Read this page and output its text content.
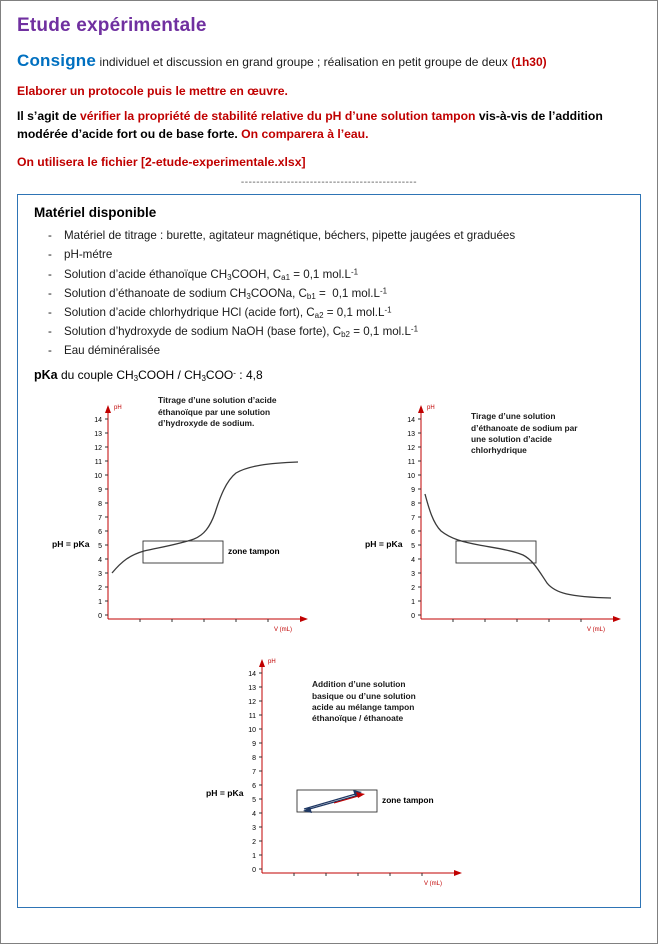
Etude expérimentale
Consigne individuel et discussion en grand groupe ; réalisation en petit groupe de deux (1h30)
Elaborer un protocole puis le mettre en œuvre.
Il s’agit de vérifier la propriété de stabilité relative du pH d’une solution tampon vis-à-vis de l’addition modérée d’acide fort ou de base forte. On comparera à l’eau.
On utilisera le fichier [2-etude-experimentale.xlsx]
----------------------------------------------
Matériel disponible
- Matériel de titrage : burette, agitateur magnétique, béchers, pipette jaugées et graduées
- pH-métre
- Solution d’acide éthanoïque $CH_3COOH$, $C_{a1} = 0,1$ $mol.L^{-1}$
- Solution d’éthanoate de sodium $CH_3COONa$, $C_{b1} = 0,1$ $mol.L^{-1}$
- Solution d’acide chlorhydrique HCl (acide fort), $C_{a2} = 0,1$ $mol.L^{-1}$
- Solution d’hydroxyde de sodium NaOH (base forte), $C_{b2} = 0,1$ $mol.L^{-1}$
- Eau déminéralisée
pKa du couple $CH_3COOH / CH_3COO^-$ : 4,8
pH
V (mL)
14
13
12
11
10
9
8
7
6
5
4
3
2
1
0
Titrage d’une solution d’acide éthanoïque par une solution d’hydroxyde de sodium.
pH = pKa
zone tampon
pH
V (mL)
14
13
12
11
10
9
8
7
6
5
4
3
2
1
0
Tirage d’une solution d’éthanoate de sodium par une solution d’acide chlorhydrique
pH = pKa
pH
V (mL)
14
13
12
11
10
9
8
7
6
5
4
3
2
1
0
Addition d’une solution basique ou d’une solution acide au mélange tampon éthanoïque / éthanoate
pH = pKa
zone tampon
